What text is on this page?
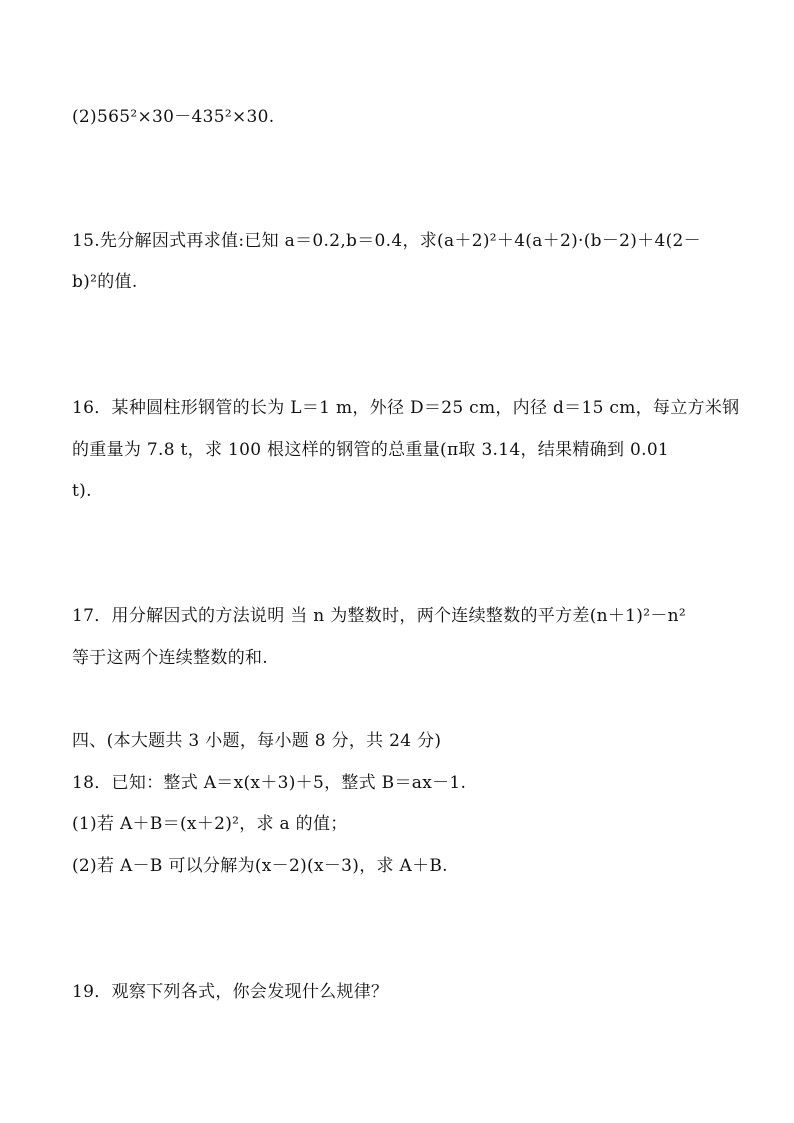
(2)565²×30－435²×30.
15.先分解因式再求值:已知 a＝0.2,b＝0.4，求(a＋2)²＋4(a＋2)·(b－2)＋4(2－
b)²的值.
16．某种圆柱形钢管的长为 L＝1 m，外径 D＝25 cm，内径 d＝15 cm，每立方米钢
的重量为 7.8 t，求 100 根这样的钢管的总重量(π取 3.14，结果精确到 0.01
t).
17．用分解因式的方法说明 当 n 为整数时，两个连续整数的平方差(n＋1)²－n²
等于这两个连续整数的和.
四、(本大题共 3 小题，每小题 8 分，共 24 分)
18．已知：整式 A＝x(x＋3)＋5，整式 B＝ax－1.
(1)若 A＋B＝(x＋2)²，求 a 的值；
(2)若 A－B 可以分解为(x－2)(x－3)，求 A＋B.
19．观察下列各式，你会发现什么规律？
